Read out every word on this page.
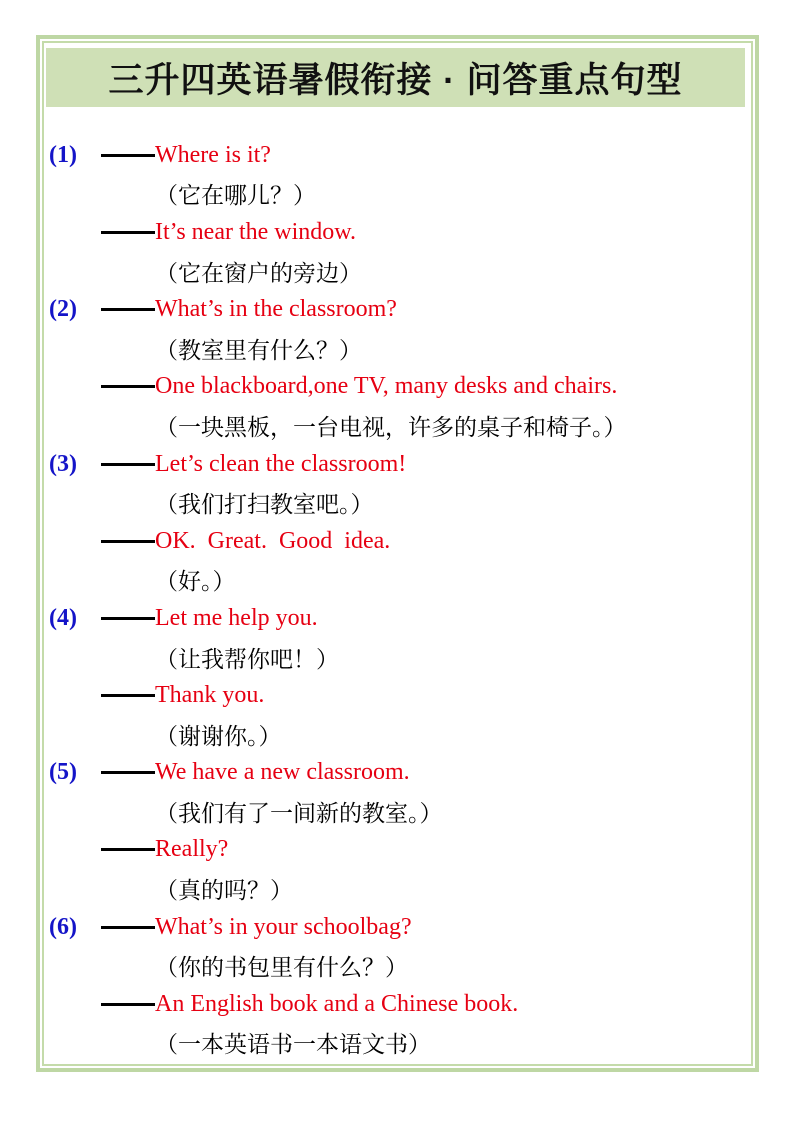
三升四英语暑假衔接 · 问答重点句型
(1)	Where is it?
（它在哪儿？）
It’s near the window.
（它在窗户的旁边）
(2)	What’s in the classroom?
（教室里有什么？）
One blackboard,one TV, many desks and chairs.
（一块黑板，一台电视，许多的桌子和椅子。）
(3)	Let’s clean the classroom!
（我们打扫教室吧。）
OK.  Great.  Good  idea.
（好。）
(4)	Let me help you.
（让我帮你吧！）
Thank you.
（谢谢你。）
(5)	We have a new classroom.
（我们有了一间新的教室。）
Really?
（真的吗？）
(6)	What’s in your schoolbag?
（你的书包里有什么？）
An English book and a Chinese book.
（一本英语书一本语文书）
